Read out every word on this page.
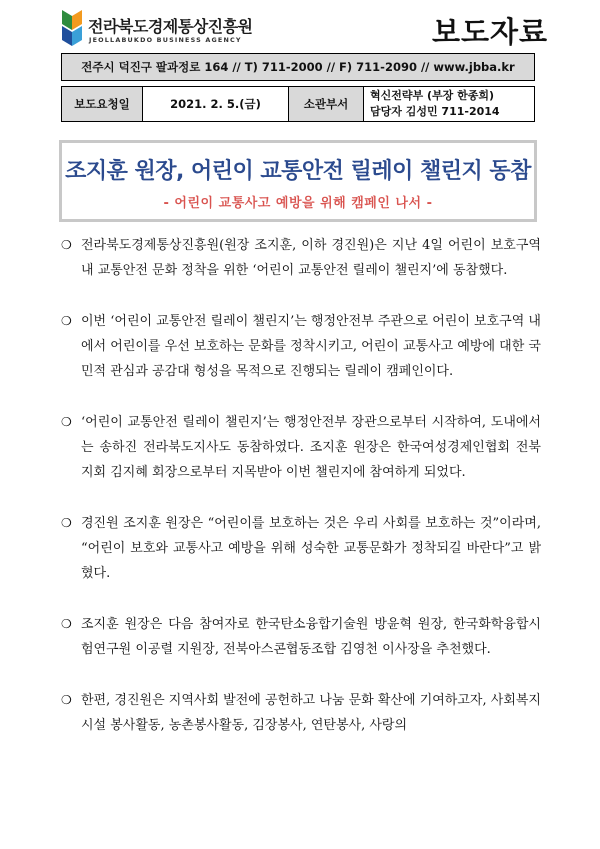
전라북도경제통상진흥원
JEOLLABUKDO BUSINESS AGENCY	보도자료
전주시 덕진구 팔과정로 164 // T) 711-2000 // F) 711-2090 // www.jbba.kr
보도요청일	2021. 2. 5.(금)	소관부서
혁신전략부 (부장 한종희)
담당자 김성민 711-2014
조지훈 원장, 어린이 교통안전 릴레이 챌린지 동참
- 어린이 교통사고 예방을 위해 캠페인 나서 -
❍ 전라북도경제통상진흥원(원장 조지훈, 이하 경진원)은 지난 4일 어린이 보호구역 내 교통안전 문화 정착을 위한 ‘어린이 교통안전 릴레이 챌린지’에 동참했다.
❍ 이번 ‘어린이 교통안전 릴레이 챌린지’는 행정안전부 주관으로 어린이 보호구역 내에서 어린이를 우선 보호하는 문화를 정착시키고, 어린이 교통사고 예방에 대한 국민적 관심과 공감대 형성을 목적으로 진행되는 릴레이 캠페인이다.
❍ ‘어린이 교통안전 릴레이 챌린지’는 행정안전부 장관으로부터 시작하여, 도내에서는 송하진 전라북도지사도 동참하였다. 조지훈 원장은 한국여성경제인협회 전북지회 김지혜 회장으로부터 지목받아 이번 챌린지에 참여하게 되었다.
❍ 경진원 조지훈 원장은 “어린이를 보호하는 것은 우리 사회를 보호하는 것”이라며, “어린이 보호와 교통사고 예방을 위해 성숙한 교통문화가 정착되길 바란다”고 밝혔다.
❍ 조지훈 원장은 다음 참여자로 한국탄소융합기술원 방윤혁 원장, 한국화학융합시험연구원 이공렬 지원장, 전북아스콘협동조합 김영천 이사장을 추천했다.
❍ 한편, 경진원은 지역사회 발전에 공헌하고 나눔 문화 확산에 기여하고자, 사회복지시설 봉사활동, 농촌봉사활동, 김장봉사, 연탄봉사, 사랑의
